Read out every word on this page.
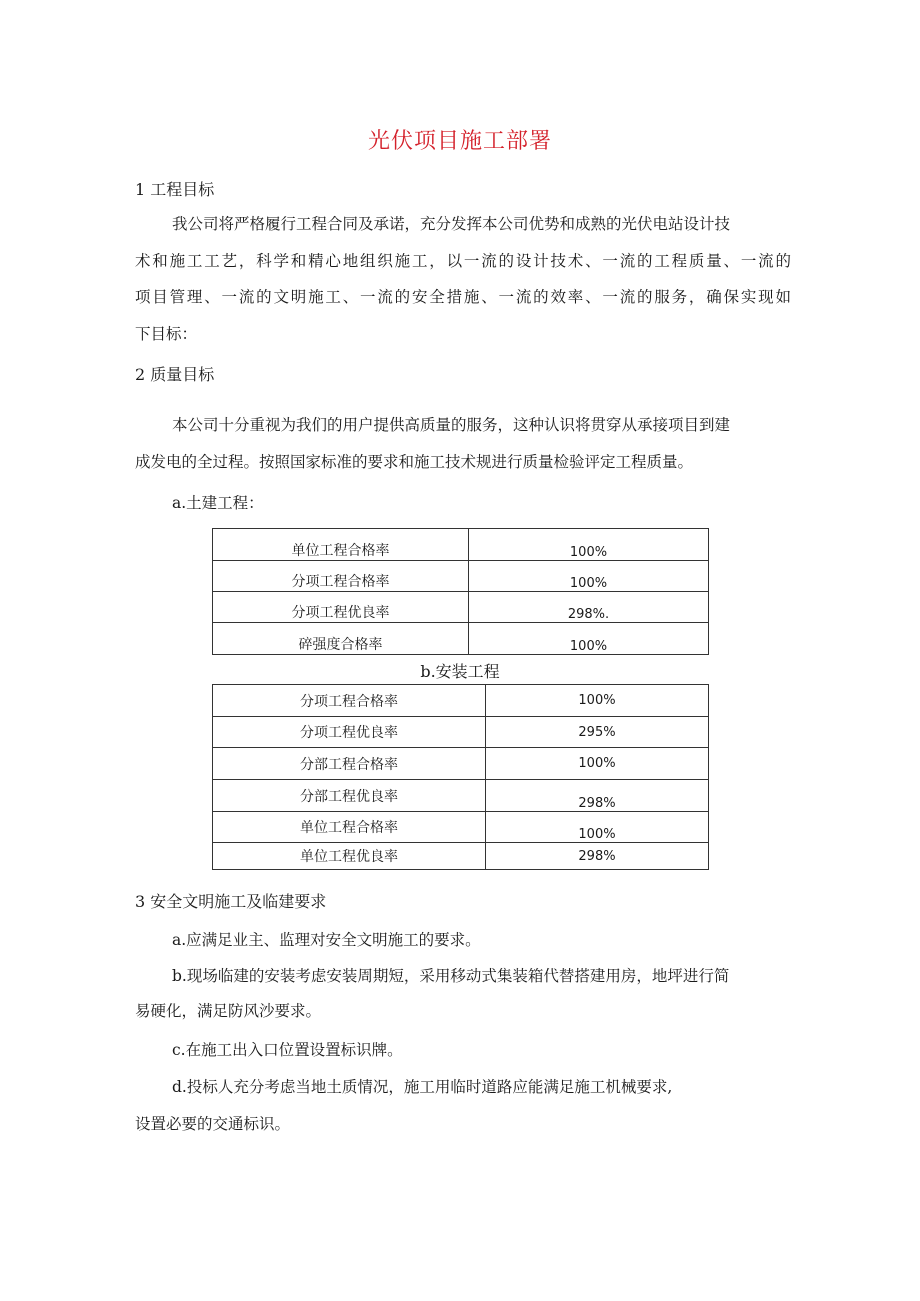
光伏项目施工部署
1 工程目标
我公司将严格履行工程合同及承诺，充分发挥本公司优势和成熟的光伏电站设计技
术和施工工艺，科学和精心地组织施工，以一流的设计技术、一流的工程质量、一流的
项目管理、一流的文明施工、一流的安全措施、一流的效率、一流的服务，确保实现如
下目标：
2 质量目标
本公司十分重视为我们的用户提供高质量的服务，这种认识将贯穿从承接项目到建
成发电的全过程。按照国家标准的要求和施工技术规进行质量检验评定工程质量。
a.土建工程：
单位工程合格率	100%
分项工程合格率	100%
分项工程优良率	298%.
碎强度合格率	100%
b.安装工程
分项工程合格率	100%
分项工程优良率	295%
分部工程合格率	100%
分部工程优良率	298%
单位工程合格率	100%
单位工程优良率	298%
3 安全文明施工及临建要求
a.应满足业主、监理对安全文明施工的要求。
b.现场临建的安装考虑安装周期短，采用移动式集装箱代替搭建用房，地坪进行简
易硬化，满足防风沙要求。
c.在施工出入口位置设置标识牌。
d.投标人充分考虑当地土质情况，施工用临时道路应能满足施工机械要求,
设置必要的交通标识。
